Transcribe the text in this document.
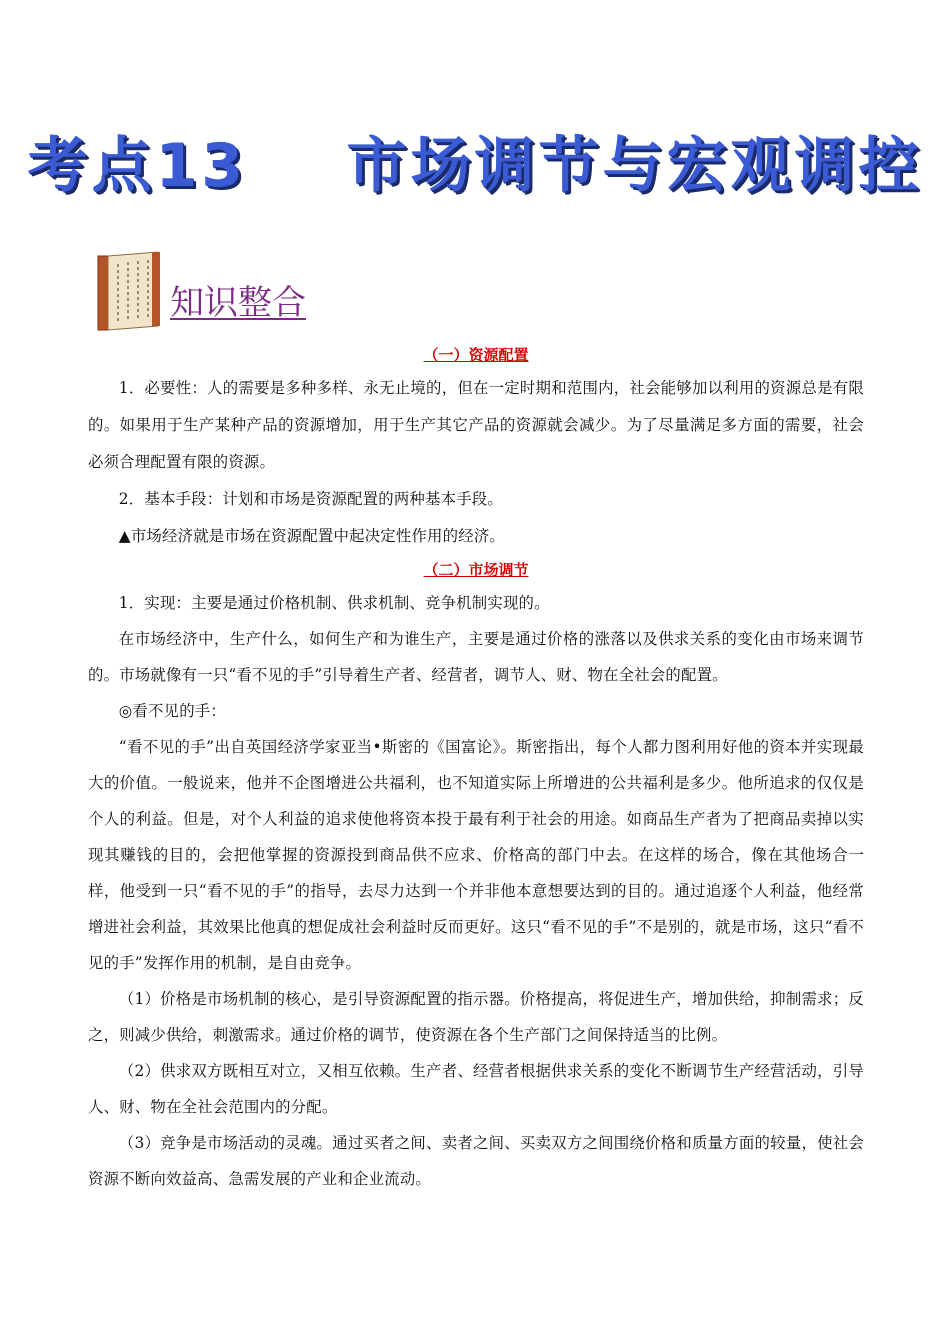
考点13    市场调节与宏观调控
知识整合

（一）资源配置

1．必要性：人的需要是多种多样、永无止境的，但在一定时期和范围内，社会能够加以利用的资源总是有限的。如果用于生产某种产品的资源增加，用于生产其它产品的资源就会减少。为了尽量满足多方面的需要，社会必须合理配置有限的资源。

2．基本手段：计划和市场是资源配置的两种基本手段。

▲市场经济就是市场在资源配置中起决定性作用的经济。

（二）市场调节

1．实现：主要是通过价格机制、供求机制、竞争机制实现的。

在市场经济中，生产什么，如何生产和为谁生产，主要是通过价格的涨落以及供求关系的变化由市场来调节的。市场就像有一只“看不见的手”引导着生产者、经营者，调节人、财、物在全社会的配置。

◎看不见的手：

“看不见的手”出自英国经济学家亚当•斯密的《国富论》。斯密指出，每个人都力图利用好他的资本并实现最大的价值。一般说来，他并不企图增进公共福利，也不知道实际上所增进的公共福利是多少。他所追求的仅仅是个人的利益。但是，对个人利益的追求使他将资本投于最有利于社会的用途。如商品生产者为了把商品卖掉以实现其赚钱的目的，会把他掌握的资源投到商品供不应求、价格高的部门中去。在这样的场合，像在其他场合一样，他受到一只“看不见的手”的指导，去尽力达到一个并非他本意想要达到的目的。通过追逐个人利益，他经常增进社会利益，其效果比他真的想促成社会利益时反而更好。这只“看不见的手”不是别的，就是市场，这只“看不见的手”发挥作用的机制，是自由竞争。

（1）价格是市场机制的核心，是引导资源配置的指示器。价格提高，将促进生产，增加供给，抑制需求；反之，则减少供给，刺激需求。通过价格的调节，使资源在各个生产部门之间保持适当的比例。

（2）供求双方既相互对立，又相互依赖。生产者、经营者根据供求关系的变化不断调节生产经营活动，引导人、财、物在全社会范围内的分配。

（3）竞争是市场活动的灵魂。通过买者之间、卖者之间、买卖双方之间围绕价格和质量方面的较量，使社会资源不断向效益高、急需发展的产业和企业流动。
